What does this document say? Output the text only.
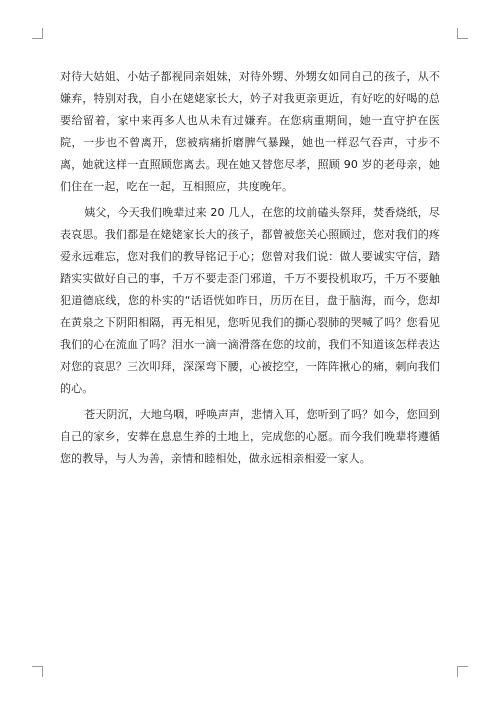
对待大姑姐、小姑子都视同亲姐妹，对待外甥、外甥女如同自己的孩子，从不嫌弃，特别对我，自小在姥姥家长大，妗子对我更亲更近，有好吃的好喝的总要给留着，家中来再多人也从未有过嫌弃。在您病重期间，她一直守护在医院，一步也不曾离开，您被病痛折磨脾气暴躁，她也一样忍气吞声，寸步不离，她就这样一直照顾您离去。现在她又替您尽孝，照顾 90 岁的老母亲，她们住在一起，吃在一起，互相照应，共度晚年。

姨父，今天我们晚辈过来 20 几人，在您的坟前磕头祭拜，焚香烧纸，尽表哀思。我们都是在姥姥家长大的孩子，都曾被您关心照顾过，您对我们的疼爱永远难忘，您对我们的教导铭记于心；您曾对我们说：做人要诚实守信，踏踏实实做好自己的事，千万不要走歪门邪道，千万不要投机取巧，千万不要触犯道德底线，您的朴实的“话语恍如昨日，历历在目，盘于脑海，而今，您却在黄泉之下阴阳相隔，再无相见，您听见我们的撕心裂肺的哭喊了吗？您看见我们的心在流血了吗？泪水一滴一滴滑落在您的坟前，我们不知道该怎样表达对您的哀思？三次叩拜，深深弯下腰，心被挖空，一阵阵揪心的痛，刺向我们的心。

苍天阴沉，大地乌咽，呼唤声声，悲情入耳，您听到了吗？如今，您回到自己的家乡，安葬在息息生养的土地上，完成您的心愿。而今我们晚辈将遵循您的教导，与人为善，亲情和睦相处，做永远相亲相爱一家人。
